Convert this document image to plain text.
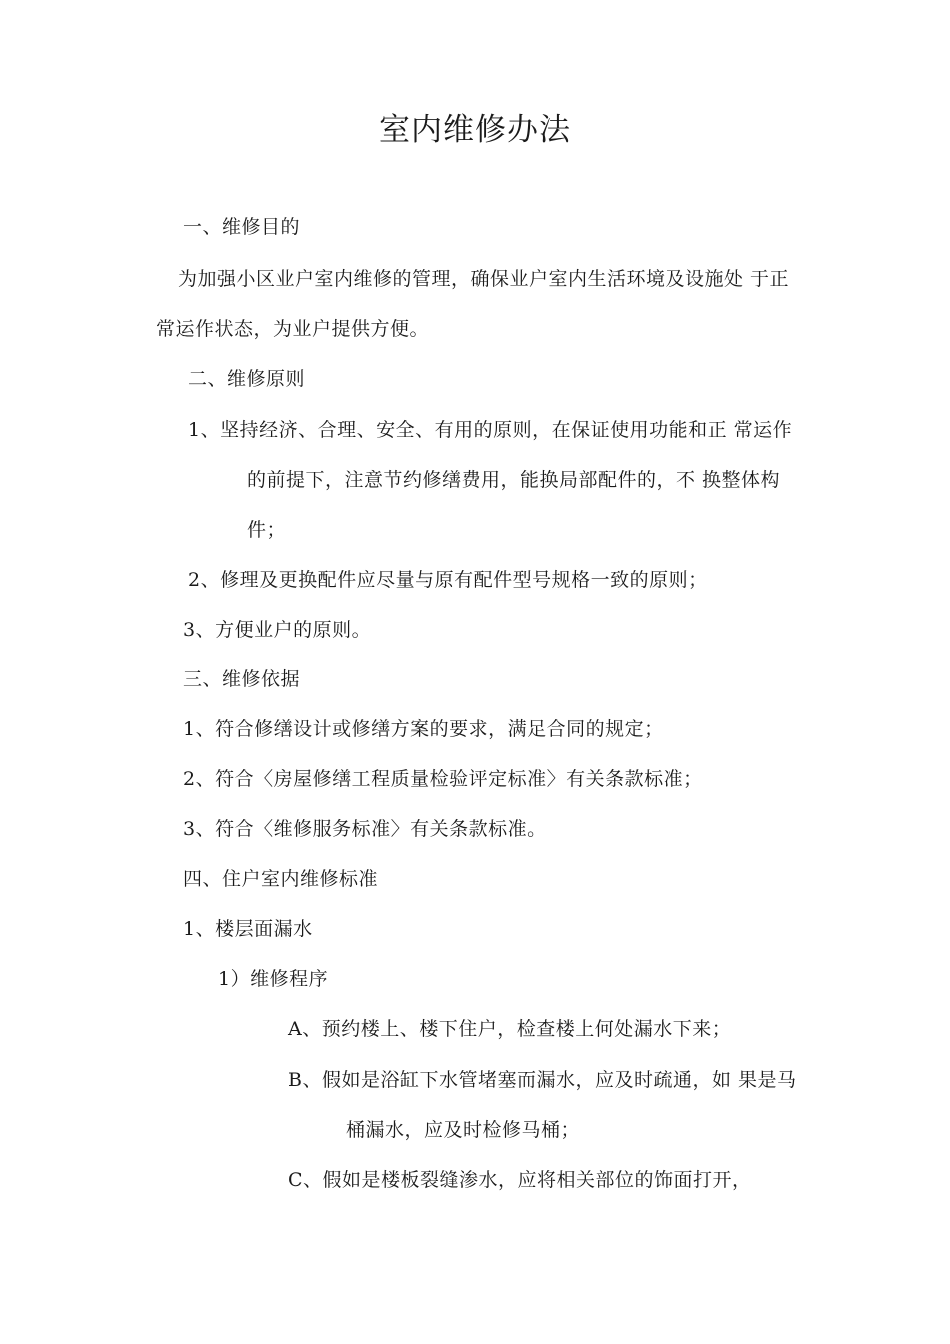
室内维修办法
一、维修目的
为加强小区业户室内维修的管理，确保业户室内生活环境及设施处 于正
常运作状态，为业户提供方便。
二、维修原则
1、坚持经济、合理、安全、有用的原则，在保证使用功能和正 常运作
的前提下，注意节约修缮费用，能换局部配件的，不 换整体构
件；
2、修理及更换配件应尽量与原有配件型号规格一致的原则；
3、方便业户的原则。
三、维修依据
1、符合修缮设计或修缮方案的要求，满足合同的规定；
2、符合〈房屋修缮工程质量检验评定标准〉有关条款标准；
3、符合〈维修服务标准〉有关条款标准。
四、住户室内维修标准
1、楼层面漏水
1）维修程序
A、预约楼上、楼下住户，检查楼上何处漏水下来；
B、假如是浴缸下水管堵塞而漏水，应及时疏通，如 果是马
桶漏水，应及时检修马桶；
C、假如是楼板裂缝渗水，应将相关部位的饰面打开，
